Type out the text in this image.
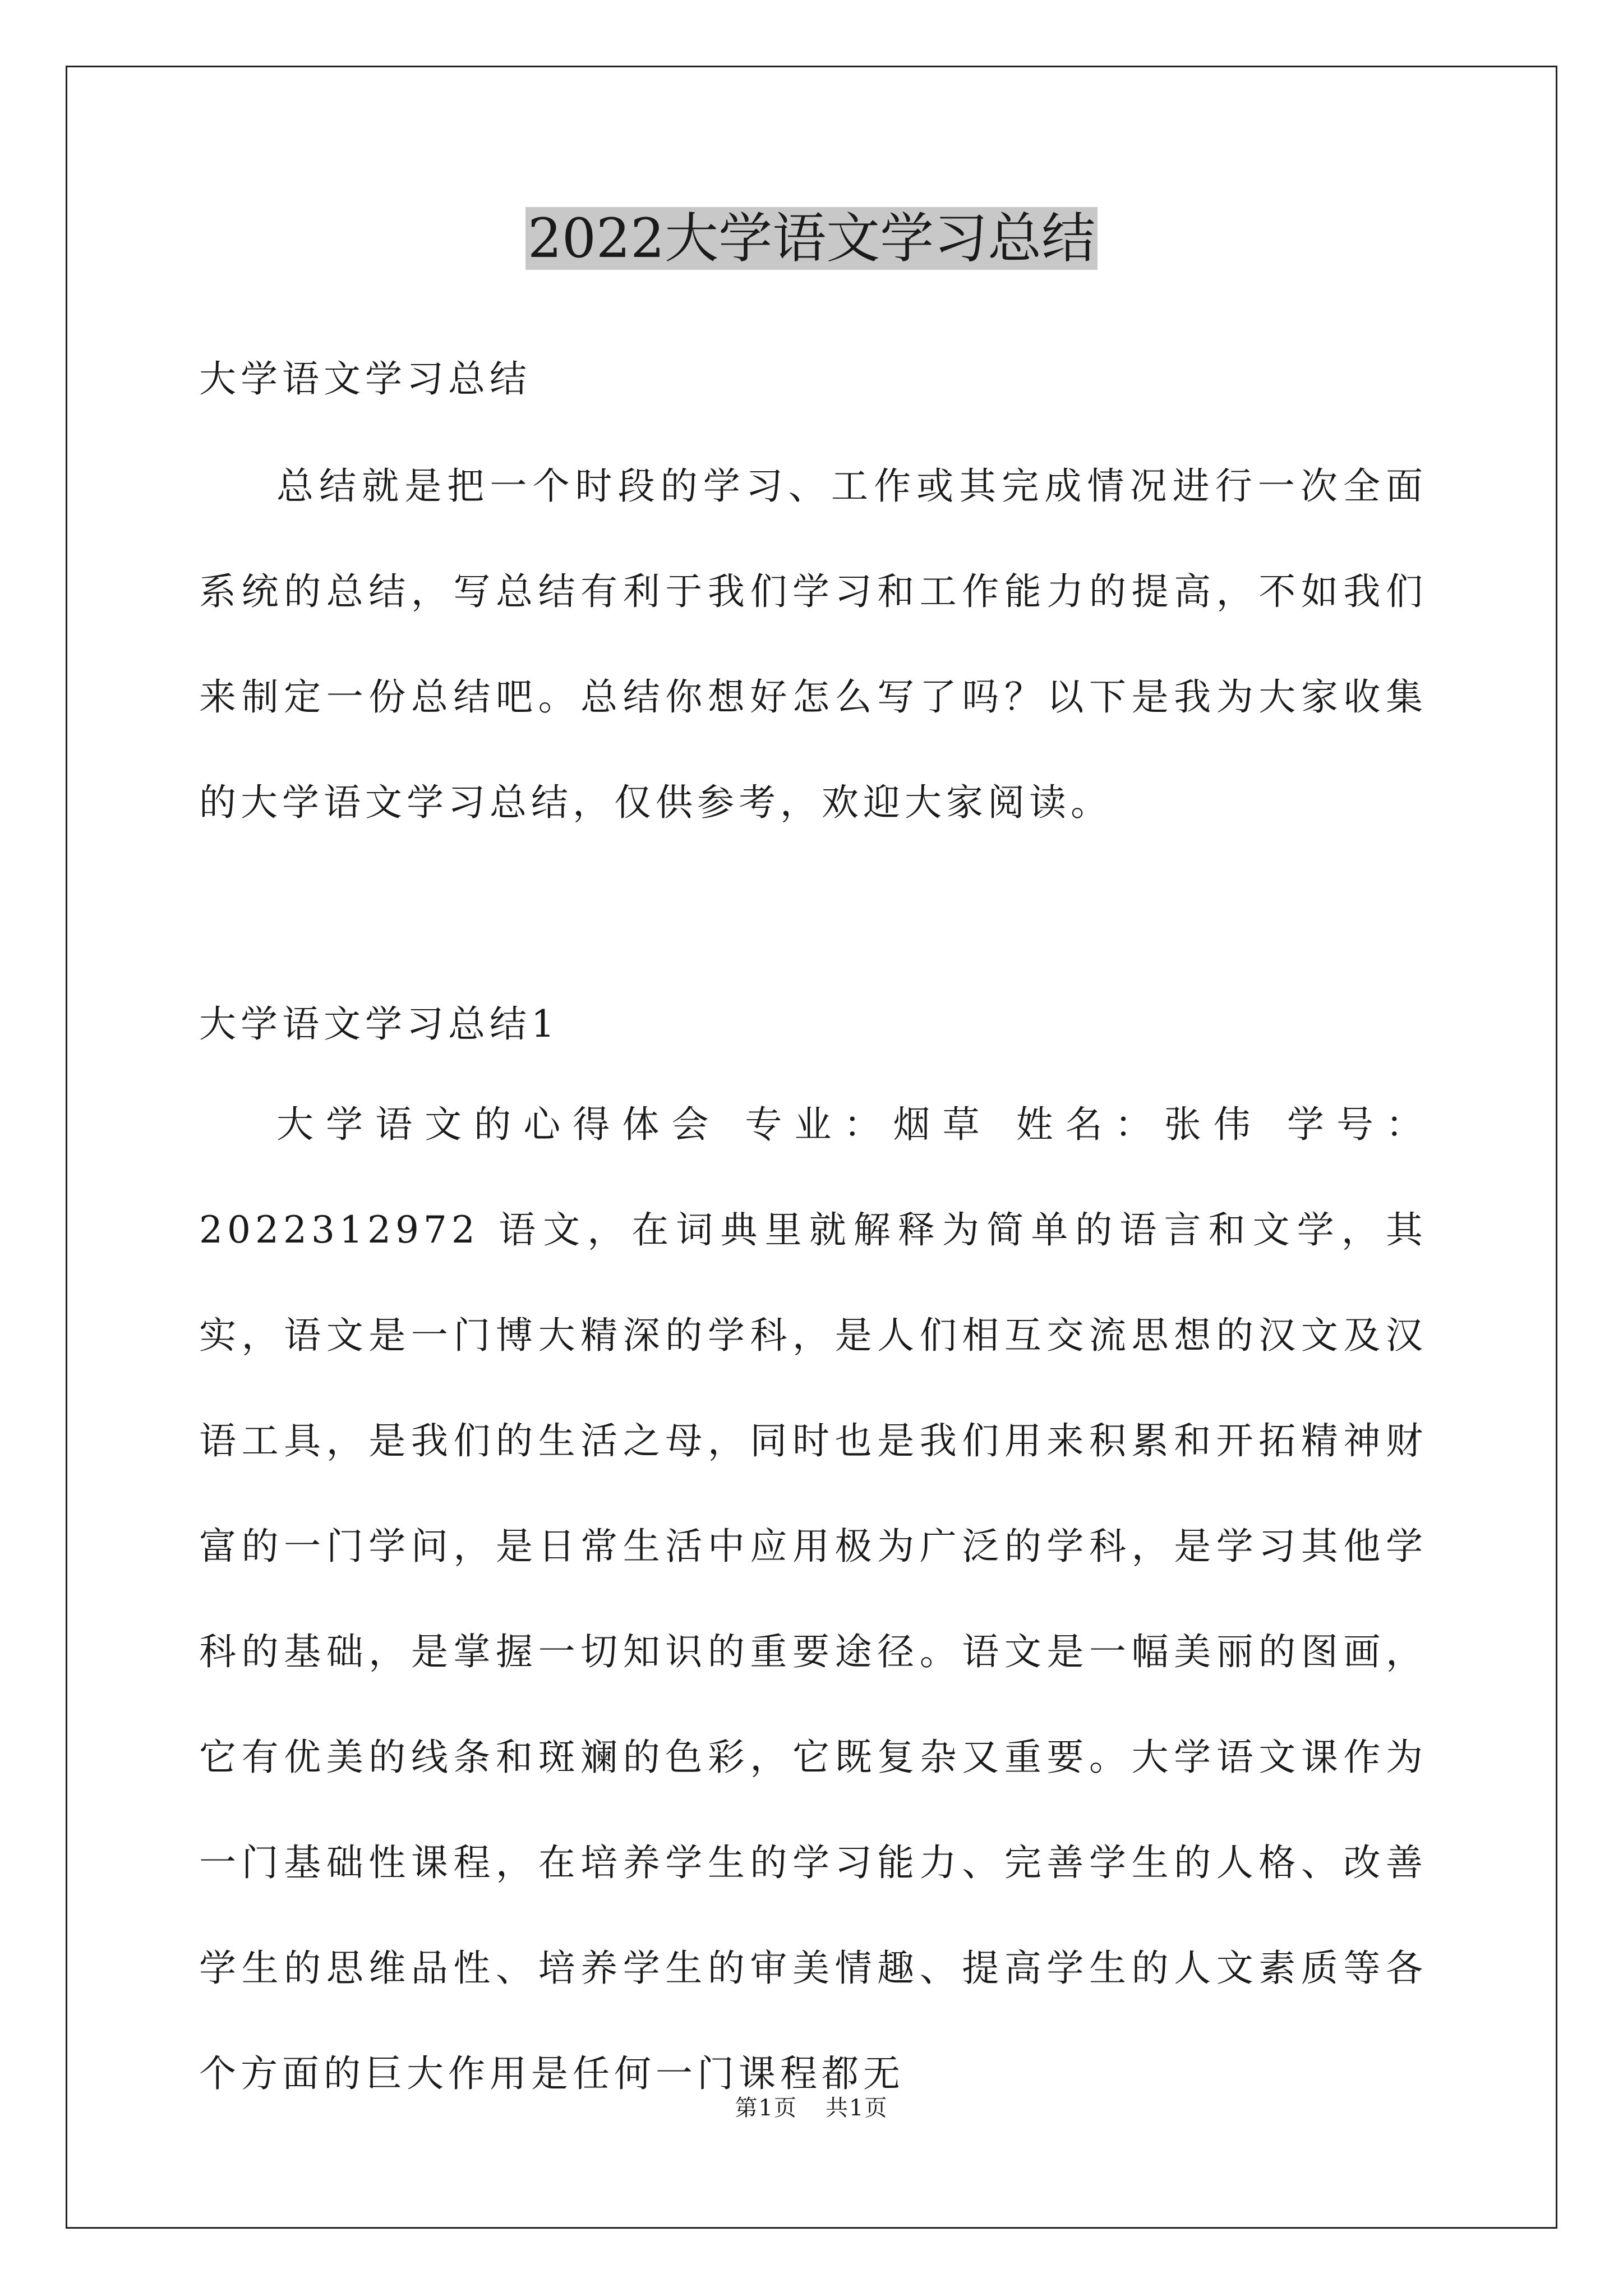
2022大学语文学习总结
大学语文学习总结
总结就是把一个时段的学习、工作或其完成情况进行一次全面系统的总结，写总结有利于我们学习和工作能力的提高，不如我们来制定一份总结吧。总结你想好怎么写了吗？以下是我为大家收集的大学语文学习总结，仅供参考，欢迎大家阅读。
大学语文学习总结1
大学语文的心得体会 专业：烟草 姓名：张伟 学号：2022312972 语文，在词典里就解释为简单的语言和文学，其实，语文是一门博大精深的学科，是人们相互交流思想的汉文及汉语工具，是我们的生活之母，同时也是我们用来积累和开拓精神财富的一门学问，是日常生活中应用极为广泛的学科，是学习其他学科的基础，是掌握一切知识的重要途径。语文是一幅美丽的图画，它有优美的线条和斑斓的色彩，它既复杂又重要。大学语文课作为一门基础性课程，在培养学生的学习能力、完善学生的人格、改善学生的思维品性、培养学生的审美情趣、提高学生的人文素质等各个方面的巨大作用是任何一门课程都无
第1页 共1页
